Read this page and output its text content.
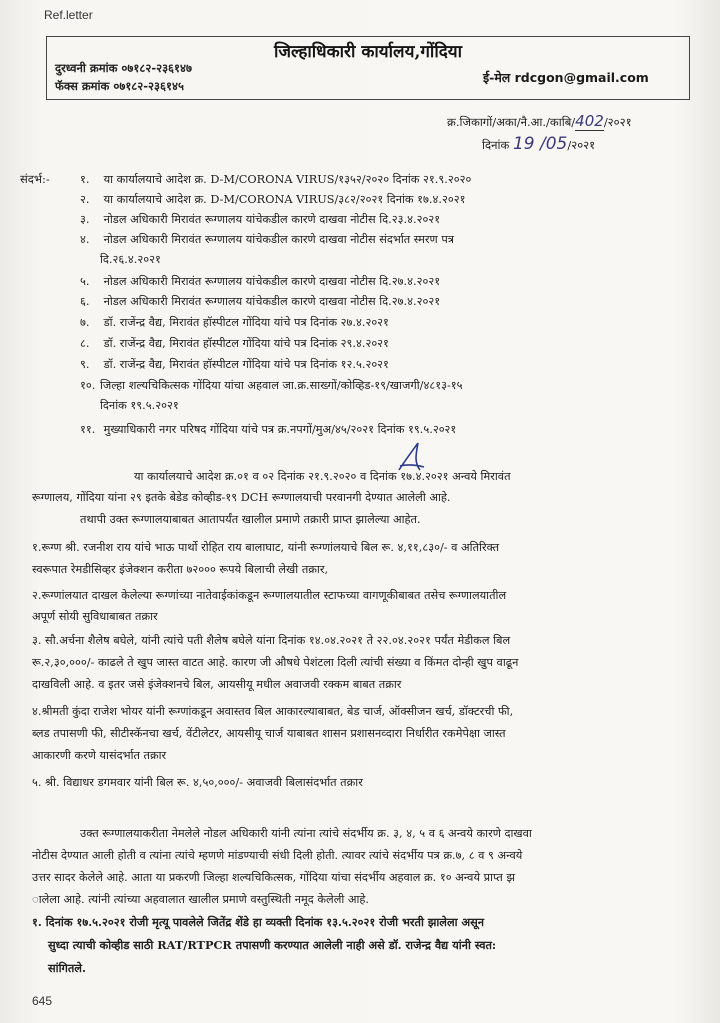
Ref.letter
जिल्हाधिकारी कार्यालय,गोंदिया
दुरध्वनी क्रमांक ०७१८२-२३६१४७
फॅक्स क्रमांक ०७१८२-२३६१४५
ई-मेल rdcgon@gmail.com
क्र.जिकागों/अका/नै.आ./काबि/402/२०२१
दिनांक 19 /05/२०२१
संदर्भ:-	१. या कार्यालयाचे आदेश क्र. D-M/CORONA VIRUS/१३५२/२०२० दिनांक २१.९.२०२०
२. या कार्यालयाचे आदेश क्र. D-M/CORONA VIRUS/३८२/२०२१ दिनांक १७.४.२०२१
३. नोडल अधिकारी मिरावंत रूग्णालय यांचेकडील कारणे दाखवा नोटीस दि.२३.४.२०२१
४. नोडल अधिकारी मिरावंत रूग्णालय यांचेकडील कारणे दाखवा नोटीस संदर्भात स्मरण पत्र
दि.२६.४.२०२१
५. नोडल अधिकारी मिरावंत रूग्णालय यांचेकडील कारणे दाखवा नोटीस दि.२७.४.२०२१
६. नोडल अधिकारी मिरावंत रूग्णालय यांचेकडील कारणे दाखवा नोटीस दि.२७.४.२०२१
७. डॉ. राजेंन्द्र वैद्य, मिरावंत हॉस्पीटल गोंदिया यांचे पत्र दिनांक २७.४.२०२१
८. डॉ. राजेंन्द्र वैद्य, मिरावंत हॉस्पीटल गोंदिया यांचे पत्र दिनांक २९.४.२०२१
९. डॉ. राजेंन्द्र वैद्य, मिरावंत हॉस्पीटल गोंदिया यांचे पत्र दिनांक १२.५.२०२१
१०. जिल्हा शल्यचिकित्सक गोंदिया यांचा अहवाल जा.क्र.साख्गों/कोव्हिड-१९/खाजगी/४८१३-१५
दिनांक १९.५.२०२१
११. मुख्याधिकारी नगर परिषद गोंदिया यांचे पत्र क्र.नपगों/मुअ/४५/२०२१ दिनांक १९.५.२०२१
या कार्यालयाचे आदेश क्र.०१ व ०२ दिनांक २१.९.२०२० व दिनांक १७.४.२०२१ अन्वये मिरावंत
रूग्णालय, गोंदिया यांना २९ इतके बेडेड कोव्हीड-१९ DCH रूग्णालयाची परवानगी देण्यात आलेली आहे.
तथापी उक्त रूग्णालयाबाबत आतापर्यंत खालील प्रमाणे तक्रारी प्राप्त झालेल्या आहेत.
१.रूग्ण श्री. रजनीश राय यांचे भाऊ पार्थो रोहित राय बालाघाट, यांनी रूग्णांलयाचे बिल रू. ४,११,८३०/- व अतिरिक्त
स्वरूपात रेमडीसिव्हर इंजेक्शन करीता ७२००० रूपये बिलाची लेखी तक्रार,
२.रूग्णांलयात दाखल केलेल्या रूग्णांच्या नातेवाईकांकडून रूग्णालयातील स्टाफच्या वागणूकीबाबत तसेच रूग्णालयातील
अपूर्ण सोयी सुविधाबाबत तक्रार
३. सौ.अर्चना शैलेष बघेले, यांनी त्यांचे पती शैलेष बघेले यांना दिनांक १४.०४.२०२१ ते २२.०४.२०२१ पर्यंत मेडीकल बिल
रू.२,३०,०००/- काढले ते खुप जास्त वाटत आहे. कारण जी औषधे पेशंटला दिली त्यांची संख्या व किंमत दोन्ही खुप वाढून
दाखविली आहे. व इतर जसे इंजेक्शनचे बिल, आयसीयू मधील अवाजवी रक्कम बाबत तक्रार
४.श्रीमती कुंदा राजेश भोयर यांनी रूग्णांकडून अवास्तव बिल आकारल्याबाबत, बेड चार्ज, ऑक्सीजन खर्च, डॉक्टरची फी,
ब्लड तपासणी फी, सीटीस्कॅनचा खर्च, वेंटीलेटर, आयसीयू चार्ज याबाबत शासन प्रशासनव्दारा निर्धारीत रकमेपेक्षा जास्त
आकारणी करणे यासंदर्भात तक्रार
५. श्री. विद्याधर डगमवार यांनी बिल रू. ४,५०,०००/- अवाजवी बिलासंदर्भात तक्रार
उक्त रूग्णालयाकरीता नेमलेले नोडल अधिकारी यांनी त्यांना त्यांचे संदर्भीय क्र. ३, ४, ५ व ६ अन्वये कारणे दाखवा
नोटीस देण्यात आली होती व त्यांना त्यांचे म्हणणे मांडण्याची संधी दिली होती. त्यावर त्यांचे संदर्भीय पत्र क्र.७, ८ व ९ अन्वये
उत्तर सादर केलेले आहे. आता या प्रकरणी जिल्हा शल्यचिकित्सक, गोंदिया यांचा संदर्भीय अहवाल क्र. १० अन्वये प्राप्त झ
ालेला आहे. त्यांनी त्यांच्या अहवालात खालील प्रमाणे वस्तुस्थिती नमूद केलेली आहे.
१. दिनांक १७.५.२०२१ रोजी मृत्यू पावलेले जितेंद्र शेंडे हा व्यक्ती दिनांक १३.५.२०२१ रोजी भरती झालेला असून
सुध्दा त्याची कोव्हीड साठी RAT/RTPCR तपासणी करण्यात आलेली नाही असे डॉ. राजेन्द्र वैद्य यांनी स्वत:
सांगितले.
645
